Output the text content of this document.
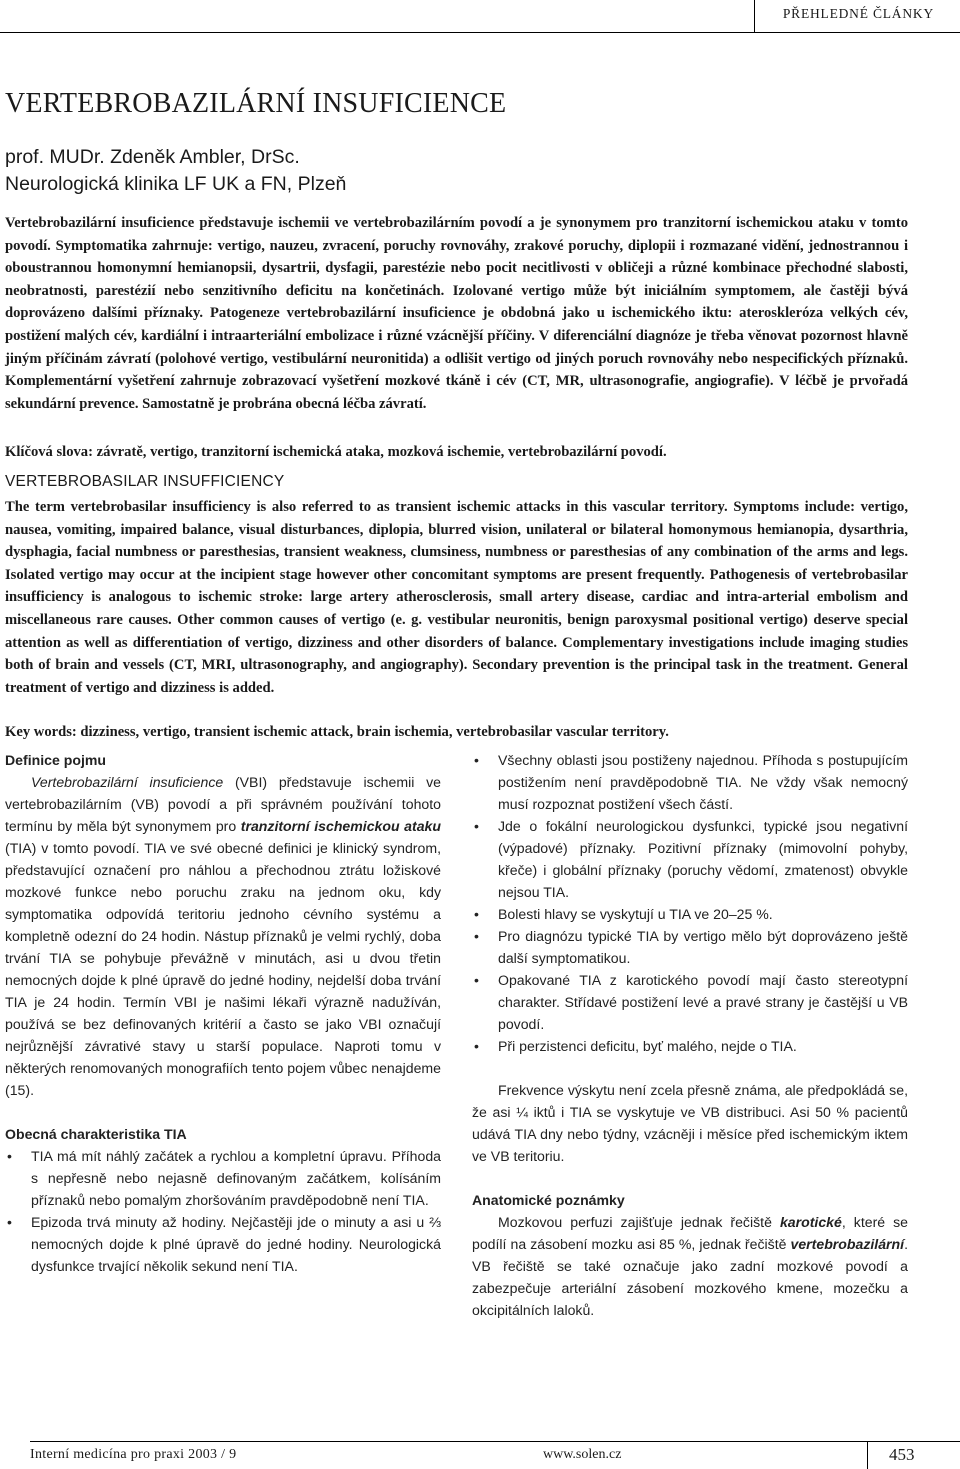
PŘEHLEDNÉ ČLÁNKY
VERTEBROBAZILÁRNÍ INSUFICIENCE
prof. MUDr. Zdeněk Ambler, DrSc.
Neurologická klinika LF UK a FN, Plzeň

Vertebrobazilární insuficience představuje ischemii ve vertebrobazilárním povodí a je synonymem pro tranzitorní ischemickou ataku v tomto povodí. Symptomatika zahrnuje: vertigo, nauzeu, zvracení, poruchy rovnováhy, zrakové poruchy, diplopii i rozmazané vidění, jednostrannou i oboustrannou homonymní hemianopsii, dysartrii, dysfagii, parestézie nebo pocit necitlivosti v obličeji a různé kombinace přechodné slabosti, neobratnosti, parestézií nebo senzitivního deficitu na končetinách. Izolované vertigo může být iniciálním symptomem, ale častěji bývá doprovázeno dalšími příznaky. Patogeneze vertebrobazilární insuficience je obdobná jako u ischemického iktu: ateroskleróza velkých cév, postižení malých cév, kardiální i intraarteriální embolizace i různé vzácnější příčiny. V diferenciální diagnóze je třeba věnovat pozornost hlavně jiným příčinám závratí (polohové vertigo, vestibulární neuronitida) a odlišit vertigo od jiných poruch rovnováhy nebo nespecifických příznaků. Komplementární vyšetření zahrnuje zobrazovací vyšetření mozkové tkáně i cév (CT, MR, ultrasonografie, angiografie). V léčbě je prvořadá sekundární prevence. Samostatně je probrána obecná léčba závratí.

Klíčová slova: závratě, vertigo, tranzitorní ischemická ataka, mozková ischemie, vertebrobazilární povodí.

VERTEBROBASILAR INSUFFICIENCY

The term vertebrobasilar insufficiency is also referred to as transient ischemic attacks in this vascular territory. Symptoms include: vertigo, nausea, vomiting, impaired balance, visual disturbances, diplopia, blurred vision, unilateral or bilateral homonymous hemianopia, dysarthria, dysphagia, facial numbness or paresthesias, transient weakness, clumsiness, numbness or paresthesias of any combination of the arms and legs. Isolated vertigo may occur at the incipient stage however other concomitant symptoms are present frequently. Pathogenesis of vertebrobasilar insufficiency is analogous to ischemic stroke: large artery atherosclerosis, small artery disease, cardiac and intra-arterial embolism and miscellaneous rare causes. Other common causes of vertigo (e. g. vestibular neuronitis, benign paroxysmal positional vertigo) deserve special attention as well as differentiation of vertigo, dizziness and other disorders of balance. Complementary investigations include imaging studies both of brain and vessels (CT, MRI, ultrasonography, and angiography). Secondary prevention is the principal task in the treatment. General treatment of vertigo and dizziness is added.

Key words: dizziness, vertigo, transient ischemic attack, brain ischemia, vertebrobasilar vascular territory.

Definice pojmu

Vertebrobazilární insuficience (VBI) představuje ischemii ve vertebrobazilárním (VB) povodí a při správném používání tohoto termínu by měla být synonymem pro tranzitorní ischemickou ataku (TIA) v tomto povodí. TIA ve své obecné definici je klinický syndrom, představující označení pro náhlou a přechodnou ztrátu ložiskové mozkové funkce nebo poruchu zraku na jednom oku, kdy symptomatika odpovídá teritoriu jednoho cévního systému a kompletně odezní do 24 hodin. Nástup příznaků je velmi rychlý, doba trvání TIA se pohybuje převážně v minutách, asi u dvou třetin nemocných dojde k plné úpravě do jedné hodiny, nejdelší doba trvání TIA je 24 hodin. Termín VBI je našimi lékaři výrazně nadužíván, používá se bez definovaných kritérií a často se jako VBI označují nejrůznější závrativé stavy u starší populace. Naproti tomu v některých renomovaných monografiích tento pojem vůbec nenajdeme (15).

Obecná charakteristika TIA

• TIA má mít náhlý začátek a rychlou a kompletní úpravu. Příhoda s nepřesně nebo nejasně definovaným začátkem, kolísáním příznaků nebo pomalým zhoršováním pravděpodobně není TIA.
• Epizoda trvá minuty až hodiny. Nejčastěji jde o minuty a asi u ⅔ nemocných dojde k plné úpravě do jedné hodiny. Neurologická dysfunkce trvající několik sekund není TIA.
• Všechny oblasti jsou postiženy najednou. Příhoda s postupujícím postižením není pravděpodobně TIA. Ne vždy však nemocný musí rozpoznat postižení všech částí.
• Jde o fokální neurologickou dysfunkci, typické jsou negativní (výpadové) příznaky. Pozitivní příznaky (mimovolní pohyby, křeče) i globální příznaky (poruchy vědomí, zmatenost) obvykle nejsou TIA.
• Bolesti hlavy se vyskytují u TIA ve 20–25 %.
• Pro diagnózu typické TIA by vertigo mělo být doprovázeno ještě další symptomatikou.
• Opakované TIA z karotického povodí mají často stereotypní charakter. Střídavé postižení levé a pravé strany je častější u VB povodí.
• Při perzistenci deficitu, byť malého, nejde o TIA.

Frekvence výskytu není zcela přesně známa, ale předpokládá se, že asi ¼ iktů i TIA se vyskytuje ve VB distribuci. Asi 50 % pacientů udává TIA dny nebo týdny, vzácněji i měsíce před ischemickým iktem ve VB teritoriu.

Anatomické poznámky

Mozkovou perfuzi zajišťuje jednak řečiště karotické, které se podílí na zásobení mozku asi 85 %, jednak řečiště vertebrobazilární. VB řečiště se také označuje jako zadní mozkové povodí a zabezpečuje arteriální zásobení mozkového kmene, mozečku a okcipitálních laloků.

Interní medicína pro praxi 2003 / 9	www.solen.cz	453
